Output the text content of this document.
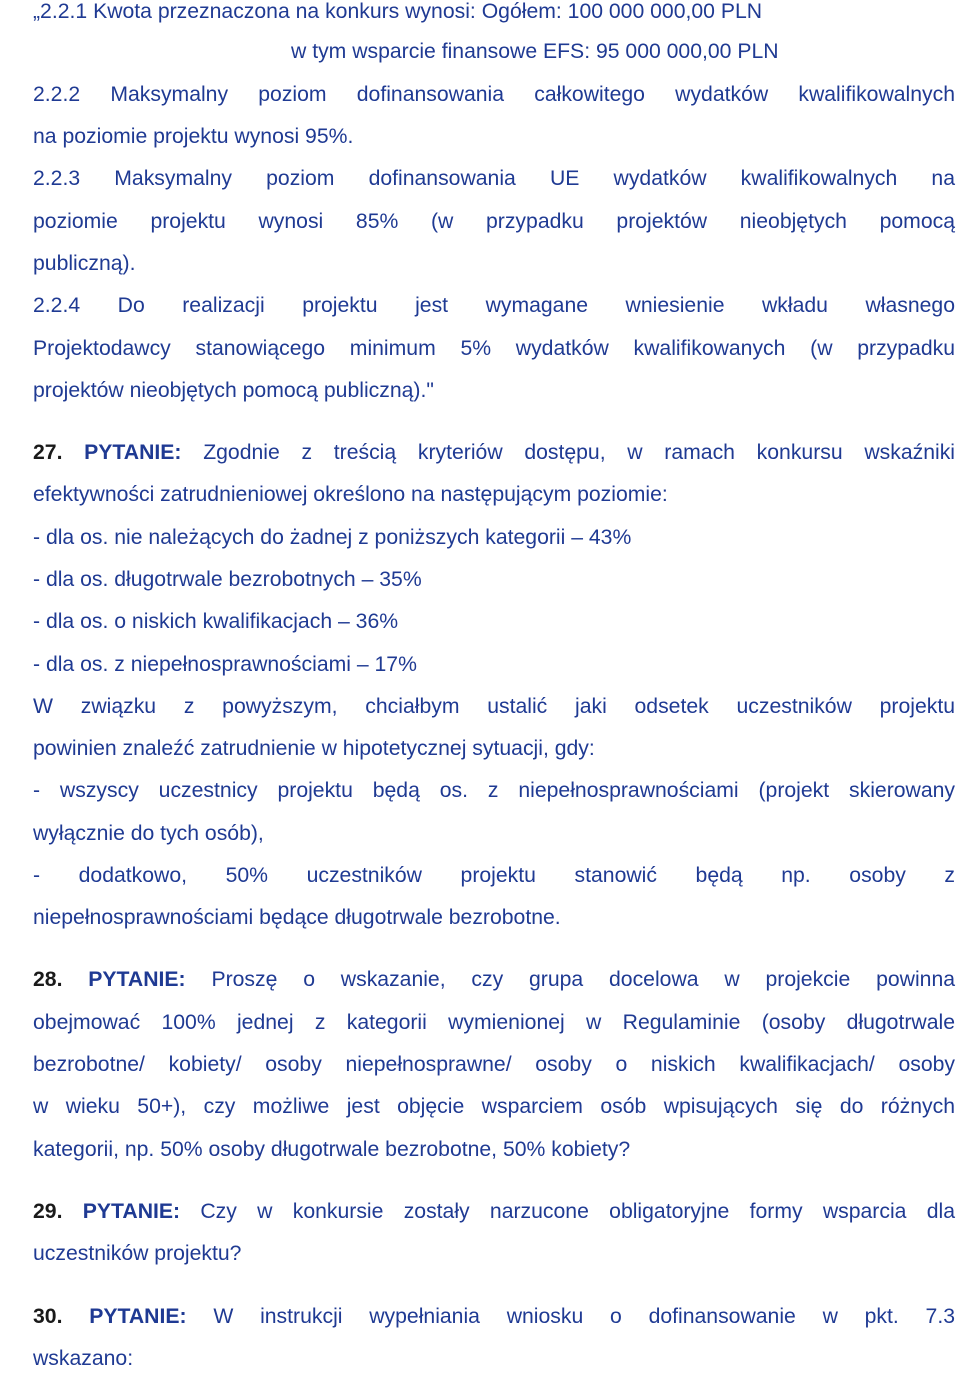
„2.2.1 Kwota przeznaczona na konkurs wynosi: Ogółem: 100 000 000,00 PLN
w tym wsparcie finansowe EFS: 95 000 000,00 PLN
2.2.2 Maksymalny poziom dofinansowania całkowitego wydatków kwalifikowalnych
na poziomie projektu wynosi 95%.
2.2.3 Maksymalny poziom dofinansowania UE wydatków kwalifikowalnych na
poziomie projektu wynosi 85% (w przypadku projektów nieobjętych pomocą
publiczną).
2.2.4 Do realizacji projektu jest wymagane wniesienie wkładu własnego
Projektodawcy stanowiącego minimum 5% wydatków kwalifikowanych (w przypadku
projektów nieobjętych pomocą publiczną)."
27. PYTANIE: Zgodnie z treścią kryteriów dostępu, w ramach konkursu wskaźniki
efektywności zatrudnieniowej określono na następującym poziomie:
- dla os. nie należących do żadnej z poniższych kategorii – 43%
- dla os. długotrwale bezrobotnych – 35%
- dla os. o niskich kwalifikacjach – 36%
- dla os. z niepełnosprawnościami – 17%
W związku z powyższym, chciałbym ustalić jaki odsetek uczestników projektu
powinien znaleźć zatrudnienie w hipotetycznej sytuacji, gdy:
- wszyscy uczestnicy projektu będą os. z niepełnosprawnościami (projekt skierowany
wyłącznie do tych osób),
- dodatkowo, 50% uczestników projektu stanowić będą np. osoby z
niepełnosprawnościami będące długotrwale bezrobotne.
28. PYTANIE: Proszę o wskazanie, czy grupa docelowa w projekcie powinna
obejmować 100% jednej z kategorii wymienionej w Regulaminie (osoby długotrwale
bezrobotne/ kobiety/ osoby niepełnosprawne/ osoby o niskich kwalifikacjach/ osoby
w wieku 50+), czy możliwe jest objęcie wsparciem osób wpisujących się do różnych
kategorii, np. 50% osoby długotrwale bezrobotne, 50% kobiety?
29. PYTANIE: Czy w konkursie zostały narzucone obligatoryjne formy wsparcia dla
uczestników projektu?
30. PYTANIE: W instrukcji wypełniania wniosku o dofinansowanie w pkt. 7.3
wskazano:
